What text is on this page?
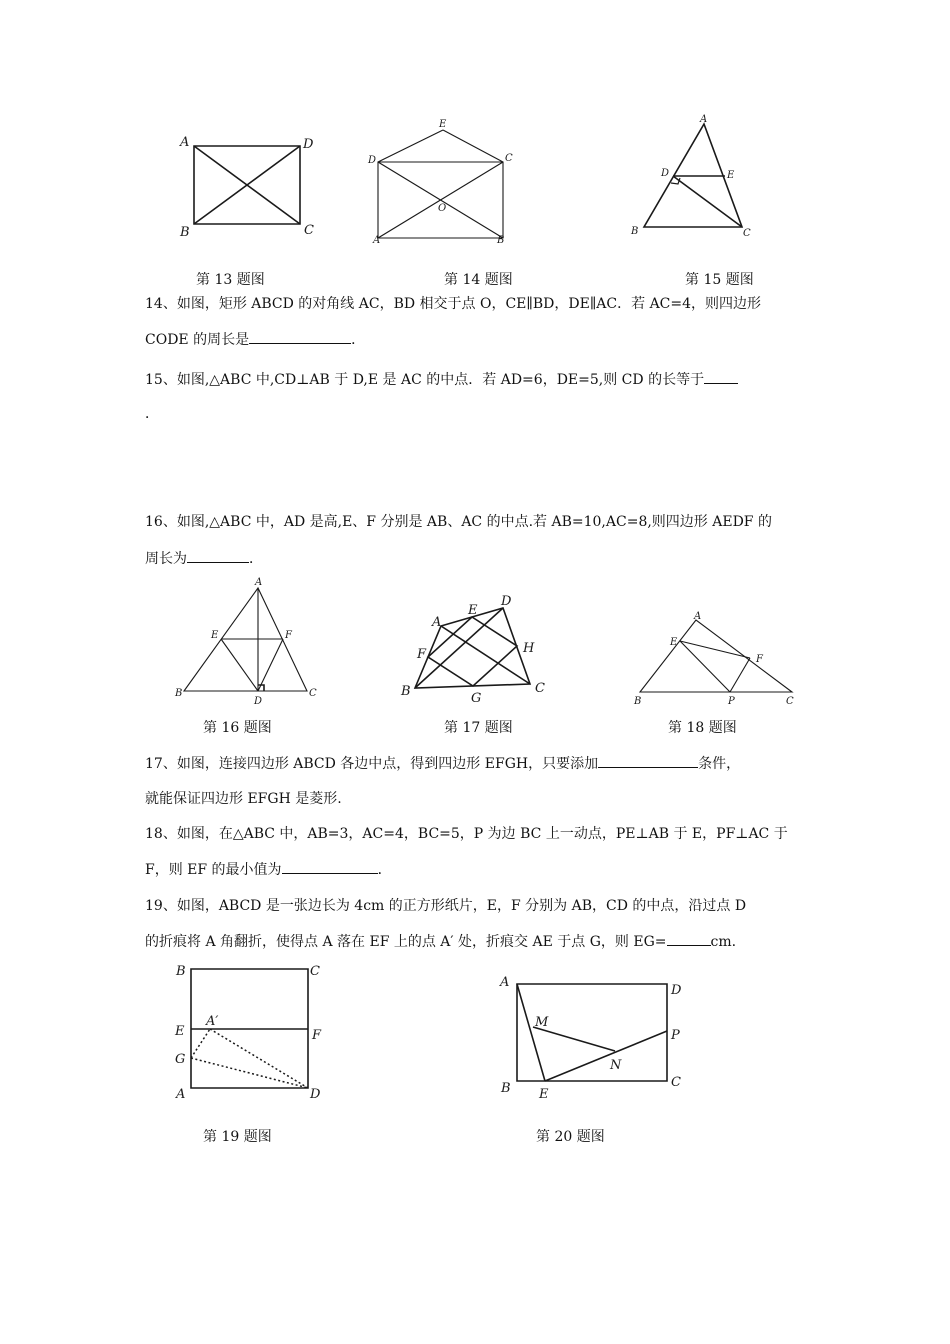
A	D
B	C
第 13 题图
E
D	C
O
A	B
第 14 题图
A
D	E
B	C
第 15 题图
14、如图，矩形 ABCD 的对角线 AC，BD 相交于点 O，CE∥BD，DE∥AC．若 AC=4，则四边形
CODE 的周长是	．
15、如图,△ABC 中,CD⊥AB 于 D,E 是 AC 的中点．若 AD=6，DE=5,则 CD 的长等于
．
16、如图,△ABC 中，AD 是高,E、F 分别是 AB、AC 的中点.若 AB=10,AC=8,则四边形 AEDF 的
周长为	．
A
E	F
B
D
C
第 16 题图
A
E
D
F	H
B	G
C
第 17 题图
A
E
F
B	P	C
第 18 题图
17、如图，连接四边形 ABCD 各边中点，得到四边形 EFGH，只要添加	条件，
就能保证四边形 EFGH 是菱形.
18、如图，在△ABC 中，AB=3，AC=4，BC=5，P 为边 BC 上一动点，PE⊥AB 于 E，PF⊥AC 于
F，则 EF 的最小值为	．
19、如图，ABCD 是一张边长为 4cm 的正方形纸片，E，F 分别为 AB，CD 的中点，沿过点 D
的折痕将 A 角翻折，使得点 A 落在 EF 上的点 A′ 处，折痕交 AE 于点 G，则 EG=	cm.
B	C
E
A′
F
G
A	D
第 19 题图
A
D
M
P
N
B E
C
第 20 题图
